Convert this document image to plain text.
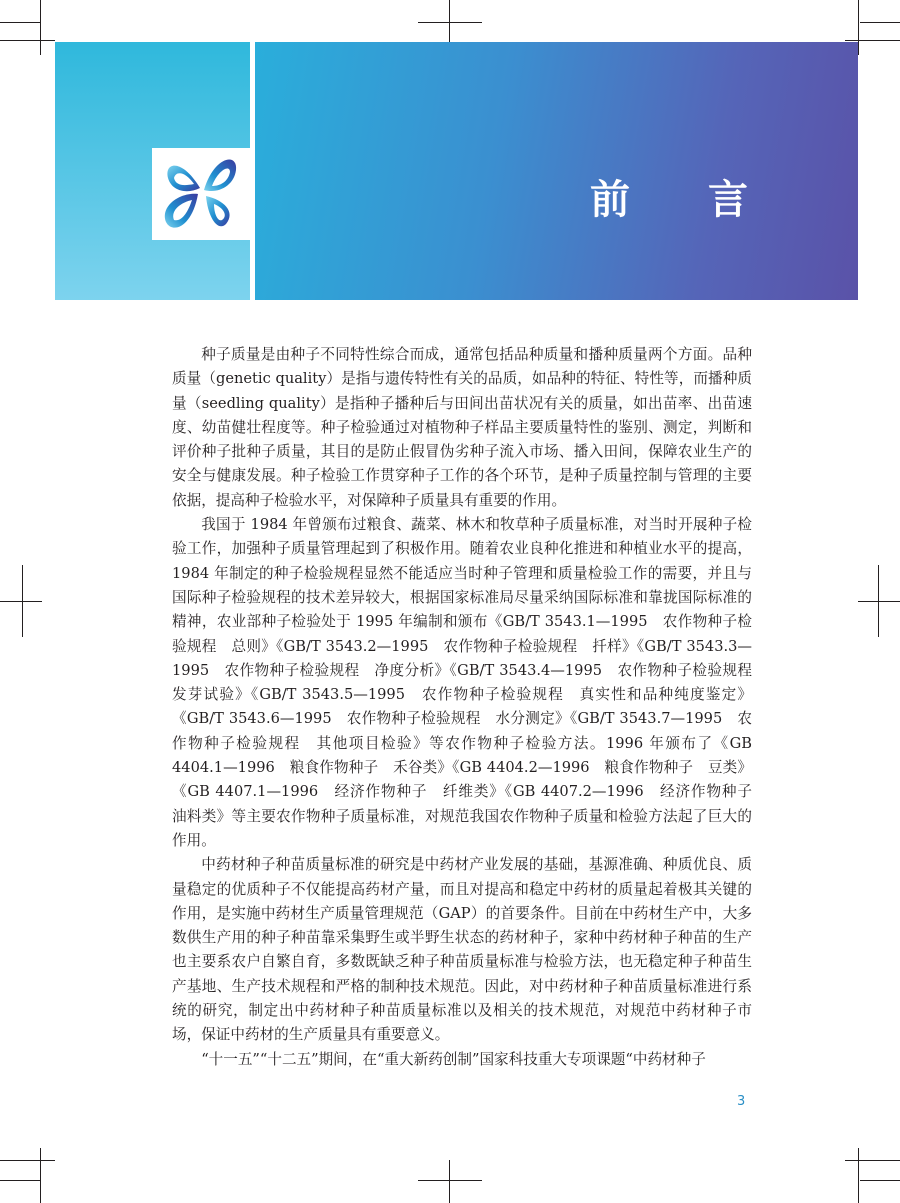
前言

种子质量是由种子不同特性综合而成，通常包括品种质量和播种质量两个方面。品种质量（genetic quality）是指与遗传特性有关的品质，如品种的特征、特性等，而播种质量（seedling quality）是指种子播种后与田间出苗状况有关的质量，如出苗率、出苗速度、幼苗健壮程度等。种子检验通过对植物种子样品主要质量特性的鉴别、测定，判断和评价种子批种子质量，其目的是防止假冒伪劣种子流入市场、播入田间，保障农业生产的安全与健康发展。种子检验工作贯穿种子工作的各个环节，是种子质量控制与管理的主要依据，提高种子检验水平，对保障种子质量具有重要的作用。

我国于 1984 年曾颁布过粮食、蔬菜、林木和牧草种子质量标准，对当时开展种子检验工作，加强种子质量管理起到了积极作用。随着农业良种化推进和种植业水平的提高，1984 年制定的种子检验规程显然不能适应当时种子管理和质量检验工作的需要，并且与国际种子检验规程的技术差异较大，根据国家标准局尽量采纳国际标准和靠拢国际标准的精神，农业部种子检验处于 1995 年编制和颁布《GB/T 3543.1—1995　农作物种子检验规程　总则》《GB/T 3543.2—1995　农作物种子检验规程　扦样》《GB/T 3543.3—1995　农作物种子检验规程　净度分析》《GB/T 3543.4—1995　农作物种子检验规程　发芽试验》《GB/T 3543.5—1995　农作物种子检验规程　真实性和品种纯度鉴定》《GB/T 3543.6—1995　农作物种子检验规程　水分测定》《GB/T 3543.7—1995　农作物种子检验规程　其他项目检验》等农作物种子检验方法。1996 年颁布了《GB 4404.1—1996　粮食作物种子　禾谷类》《GB 4404.2—1996　粮食作物种子　豆类》《GB 4407.1—1996　经济作物种子　纤维类》《GB 4407.2—1996　经济作物种子　油料类》等主要农作物种子质量标准，对规范我国农作物种子质量和检验方法起了巨大的作用。

中药材种子种苗质量标准的研究是中药材产业发展的基础，基源准确、种质优良、质量稳定的优质种子不仅能提高药材产量，而且对提高和稳定中药材的质量起着极其关键的作用，是实施中药材生产质量管理规范（GAP）的首要条件。目前在中药材生产中，大多数供生产用的种子种苗靠采集野生或半野生状态的药材种子，家种中药材种子种苗的生产也主要系农户自繁自育，多数既缺乏种子种苗质量标准与检验方法，也无稳定种子种苗生产基地、生产技术规程和严格的制种技术规范。因此，对中药材种子种苗质量标准进行系统的研究，制定出中药材种子种苗质量标准以及相关的技术规范，对规范中药材种子市场，保证中药材的生产质量具有重要意义。

“十一五”“十二五”期间，在“重大新药创制”国家科技重大专项课题“中药材种子

3
